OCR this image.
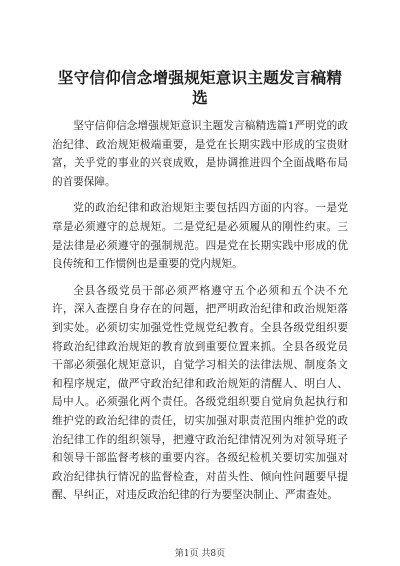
坚守信仰信念增强规矩意识主题发言稿精选

坚守信仰信念增强规矩意识主题发言稿精选篇1严明党的政治纪律、政治规矩极端重要，是党在长期实践中形成的宝贵财富，关乎党的事业的兴衰成败，是协调推进四个全面战略布局的首要保障。

党的政治纪律和政治规矩主要包括四方面的内容。一是党章是必须遵守的总规矩。二是党纪是必须履从的刚性约束。三是法律是必须遵守的强制规范。四是党在长期实践中形成的优良传统和工作惯例也是重要的党内规矩。

全县各级党员干部必须严格遵守五个必须和五个决不允许，深入查摆自身存在的问题，把严明政治纪律和政治规矩落到实处。必须切实加强党性党规党纪教育。全县各级党组织要将政治纪律政治规矩的教育放到重要位置来抓。全县各级党员干部必须强化规矩意识，自觉学习相关的法律法规、制度条文和程序规定，做严守政治纪律和政治规矩的清醒人、明白人、局中人。必须强化两个责任。各级党组织要自觉肩负起执行和维护党的政治纪律的责任，切实加强对职责范围内维护党的政治纪律工作的组织领导，把遵守政治纪律情况列为对领导班子和领导干部监督考核的重要内容。各级纪检机关要切实加强对政治纪律执行情况的监督检查，对苗头性、倾向性问题要早提醒、早纠正，对违反政治纪律的行为要坚决制止、严肃查处。

第1页 共8页
